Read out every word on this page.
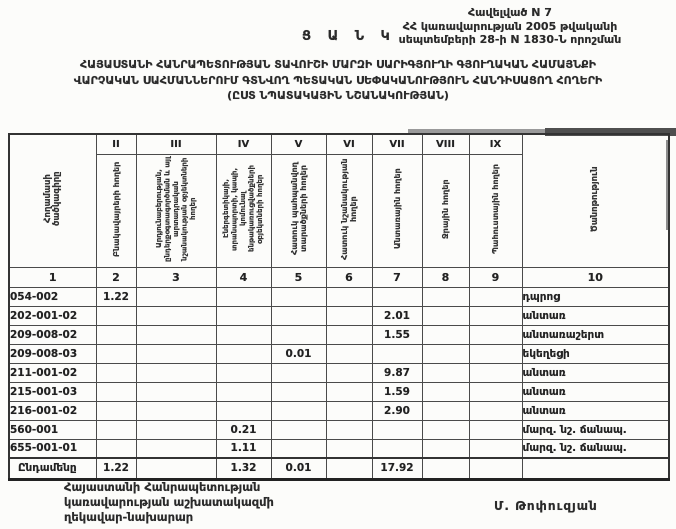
Հավելված N 7
ՀՀ կառավարության 2005 թվականի
սեպտեմբերի 28-ի N 1830-Ն որոշման
Ց Ա Ն Կ
ՀԱՅԱՍՏԱՆԻ ՀԱՆՐԱՊԵՏՈՒԹՅԱՆ ՏԱՎՈՒՇԻ ՄԱՐԶԻ ՍԱՐԻԳՅՈՒՂԻ ԳՅՈՒՂԱԿԱՆ ՀԱՄԱՅՆՔԻ
ՎԱՐՉԱԿԱՆ ՍԱՀՄԱՆՆԵՐՈՒՄ ԳՏՆՎՈՂ ՊԵՏԱԿԱՆ ՍԵՓԱԿԱՆՈՒԹՅՈՒՆ ՀԱՆԴԻՍԱՑՈՂ ՀՈՂԵՐԻ
(ԸՍՏ ՆՊԱՏԱԿԱՅԻՆ ՆՇԱՆԱԿՈՒԹՅԱՆ)
Հողամասի ծածկագիրը	II	III	IV	V	VI	VII	VIII	IX	Ծանոթություն
	Բնակավայրերի հողեր	Արդյունաբերության, ընդերքօգտագործման և այլ արտադրական նշանակության օբյեկտների հողեր	Էներգետիկայի, տրանսպորտի, կապի, կոմունալ ենթակառուցվածքների օբյեկտների հողեր	Հատուկ պահպանվող տարածքների հողեր	Հատուկ նշանակության հողեր	Անտառային հողեր	Ջրային հողեր	Պահուստային հողեր	
1	2	3	4	5	6	7	8	9	10
054-002	1.22								դպրոց
202-001-02						2.01			անտառ
209-008-02						1.55			անտառաշերտ
209-008-03				0.01					եկեղեցի
211-001-02						9.87			անտառ
215-001-03						1.59			անտառ
216-001-02						2.90			անտառ
560-001			0.21						մարզ. նշ. ճանապ.
655-001-01			1.11						մարզ. նշ. ճանապ.
Ընդամենը	1.22		1.32	0.01		17.92			
Հայաստանի Հանրապետության
կառավարության աշխատակազմի
ղեկավար-նախարար
Մ. Թոփուզյան
